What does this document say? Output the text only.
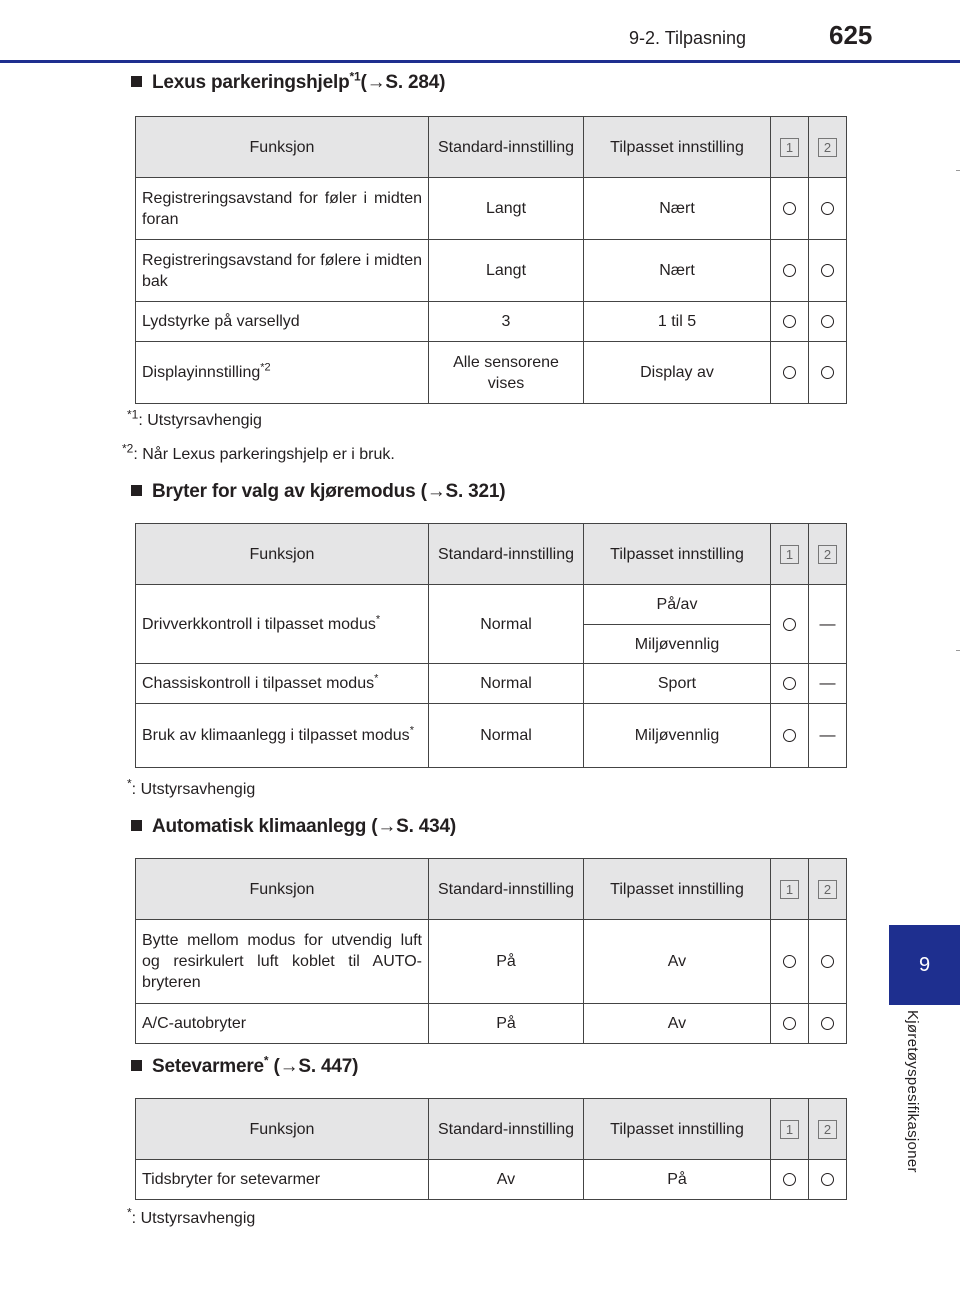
9-2. Tilpasning	625
9
Kjøretøyspesifikasjoner
Lexus parkeringshjelp$^{*1}$(→S. 284)
Funksjon	Standard-innstilling	Tilpasset innstilling	1	2
Registreringsavstand for føler i midten foran	Langt	Nært		
Registreringsavstand for følere i midten bak	Langt	Nært		
Lydstyrke på varsellyd	3	1 til 5		
Displayinnstilling$^{*2}$	Alle sensorene vises	Display av		
$^{*1}$: Utstyrsavhengig
$^{*2}$: Når Lexus parkeringshjelp er i bruk.
Bryter for valg av kjøremodus (→S. 321)
Funksjon	Standard-innstilling	Tilpasset innstilling	1	2
Drivverkkontroll i tilpasset modus*	Normal	På/av		—
		Miljøvennlig		
Chassiskontroll i tilpasset modus*	Normal	Sport		—
Bruk av klimaanlegg i tilpasset modus*	Normal	Miljøvennlig		—
*: Utstyrsavhengig
Automatisk klimaanlegg (→S. 434)
Funksjon	Standard-innstilling	Tilpasset innstilling	1	2
Bytte mellom modus for utvendig luft og resirkulert luft koblet til AUTO-bryteren	På	Av		
A/C-autobryter	På	Av		
Setevarmere* (→S. 447)
Funksjon	Standard-innstilling	Tilpasset innstilling	1	2
Tidsbryter for setevarmer	Av	På		
*: Utstyrsavhengig
